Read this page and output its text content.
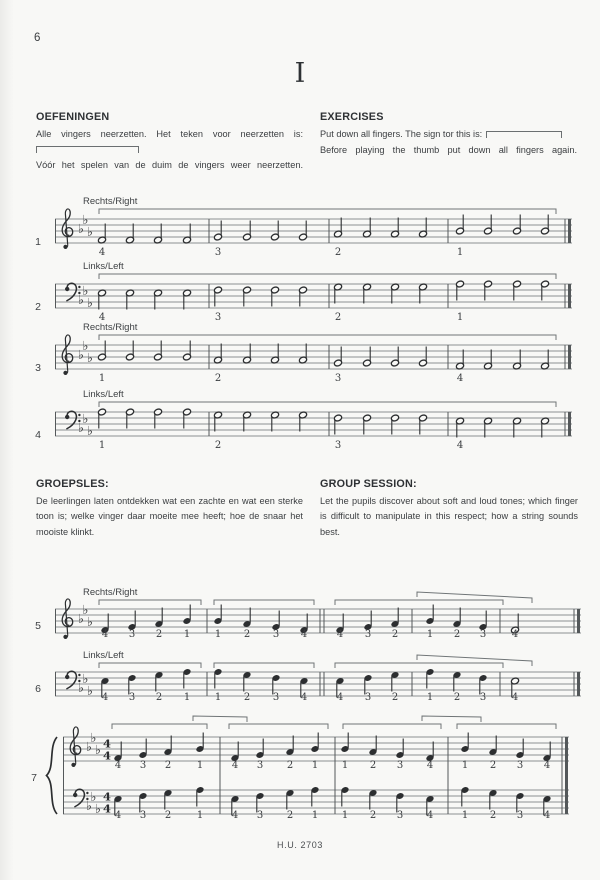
6
I

OEFENINGEN

Alle vingers neerzetten. Het teken voor neerzetten is:

Vóór het spelen van de duim de vingers weer neerzetten.

EXERCISES

Put down all fingers. The sign tor this is:

Before playing the thumb put down all fingers again.

GROEPSLES:

De leerlingen laten ontdekken wat een zachte en wat een sterke toon is; welke vinger daar moeite mee heeft; hoe de snaar het mooiste klinkt.

GROUP SESSION:

Let the pupils discover about soft and loud tones; which finger is difficult to manipulate in this respect; how a string sounds best.

♭
♭
♭
4	3	2	1
Rechts/Right
1
♭
♭
♭
4	3	2	1
Links/Left
2
♭
♭
♭
1	2	3	4
Rechts/Right
3
♭
♭
♭
1	2	3	4
Links/Left
4
♭
♭
♭
4 3 2 1 1 2 3 4	4 3 2	1 2 3	4
Rechts/Right
5
♭
♭
♭ 4 3 2 1 1 2 3 4	4 3 2	1 2 3	4
Links/Left
6
♭
♭
♭ 4
4
♭
♭
♭
4
4
4 3 2	1	4 3 2 1 1 2 3 4	1 2 3 4
4 3 2	1	4 3 2 1 1 2 3 4	1 2 3 4
7
H.U. 2703
